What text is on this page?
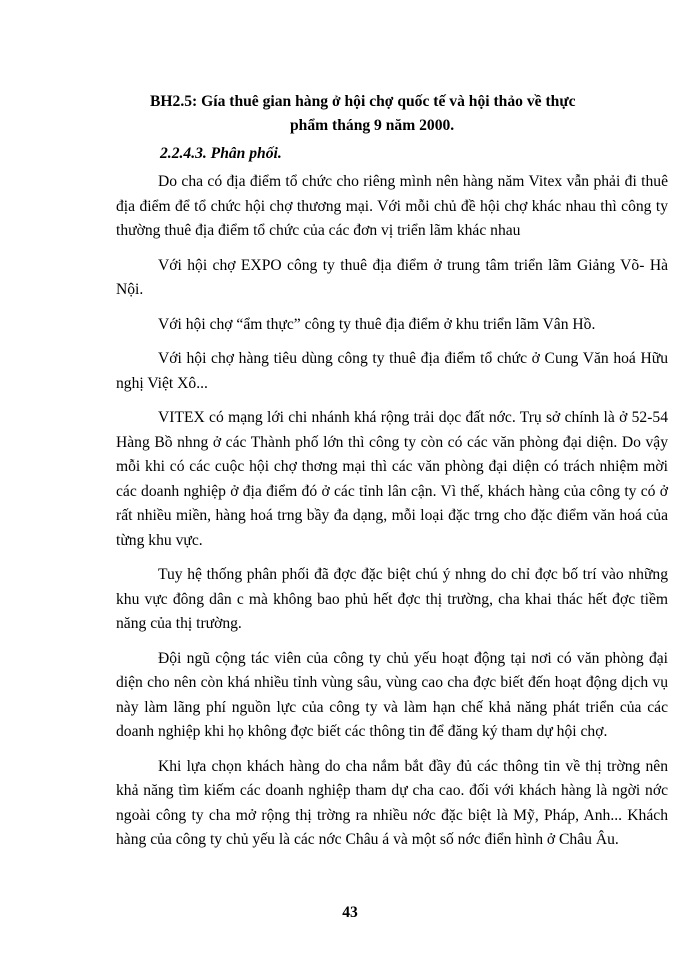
BH2.5: Gía thuê gian hàng ở hội chợ quốc tế và hội thảo về thực
phẩm tháng 9 năm 2000.
2.2.4.3. Phân phối.

Do cha có địa điểm tổ chức cho riêng mình nên hàng năm Vitex vẫn phải đi thuê địa điểm để tổ chức hội chợ thương mại. Với mỗi chủ đề hội chợ khác nhau thì công ty thường thuê địa điểm tổ chức của các đơn vị triển lãm khác nhau

Với hội chợ EXPO công ty thuê địa điểm ở trung tâm triển lãm Giảng Võ- Hà Nội.

Với hội chợ “ẩm thực” công ty thuê địa điểm ở khu triển lãm Vân Hồ.

Với hội chợ hàng tiêu dùng công ty thuê địa điểm tổ chức ở Cung Văn hoá Hữu nghị Việt Xô...

VITEX có mạng lới chi nhánh khá rộng trải dọc đất nớc. Trụ sở chính là ở 52-54 Hàng Bồ nhng ở các Thành phố lớn thì công ty còn có các văn phòng đại diện. Do vậy mỗi khi có các cuộc hội chợ thơng mại thì các văn phòng đại diện có trách nhiệm mời các doanh nghiệp ở địa điểm đó ở các tỉnh lân cận. Vì thế, khách hàng của công ty có ở rất nhiều miền, hàng hoá trng bầy đa dạng, mỗi loại đặc trng cho đặc điểm văn hoá của từng khu vực.

Tuy hệ thống phân phối đã đợc đặc biệt chú ý nhng do chỉ đợc bố trí vào những khu vực đông dân c mà không bao phủ hết đợc thị trường, cha khai thác hết đợc tiềm năng của thị trường.

Đội ngũ cộng tác viên của công ty chủ yếu hoạt động tại nơi có văn phòng đại diện cho nên còn khá nhiều tỉnh vùng sâu, vùng cao cha đợc biết đến hoạt động dịch vụ này làm lãng phí nguồn lực của công ty và làm hạn chế khả năng phát triển của các doanh nghiệp khi họ không đợc biết các thông tin để đăng ký tham dự hội chợ.

Khi lựa chọn khách hàng do cha nắm bắt đầy đủ các thông tin về thị trờng nên khả năng tìm kiếm các doanh nghiệp tham dự cha cao. đối với khách hàng là ngời nớc ngoài công ty cha mở rộng thị trờng ra nhiều nớc đặc biệt là Mỹ, Pháp, Anh... Khách hàng của công ty chủ yếu là các nớc Châu á và một số nớc điển hình ở Châu Âu.

43
